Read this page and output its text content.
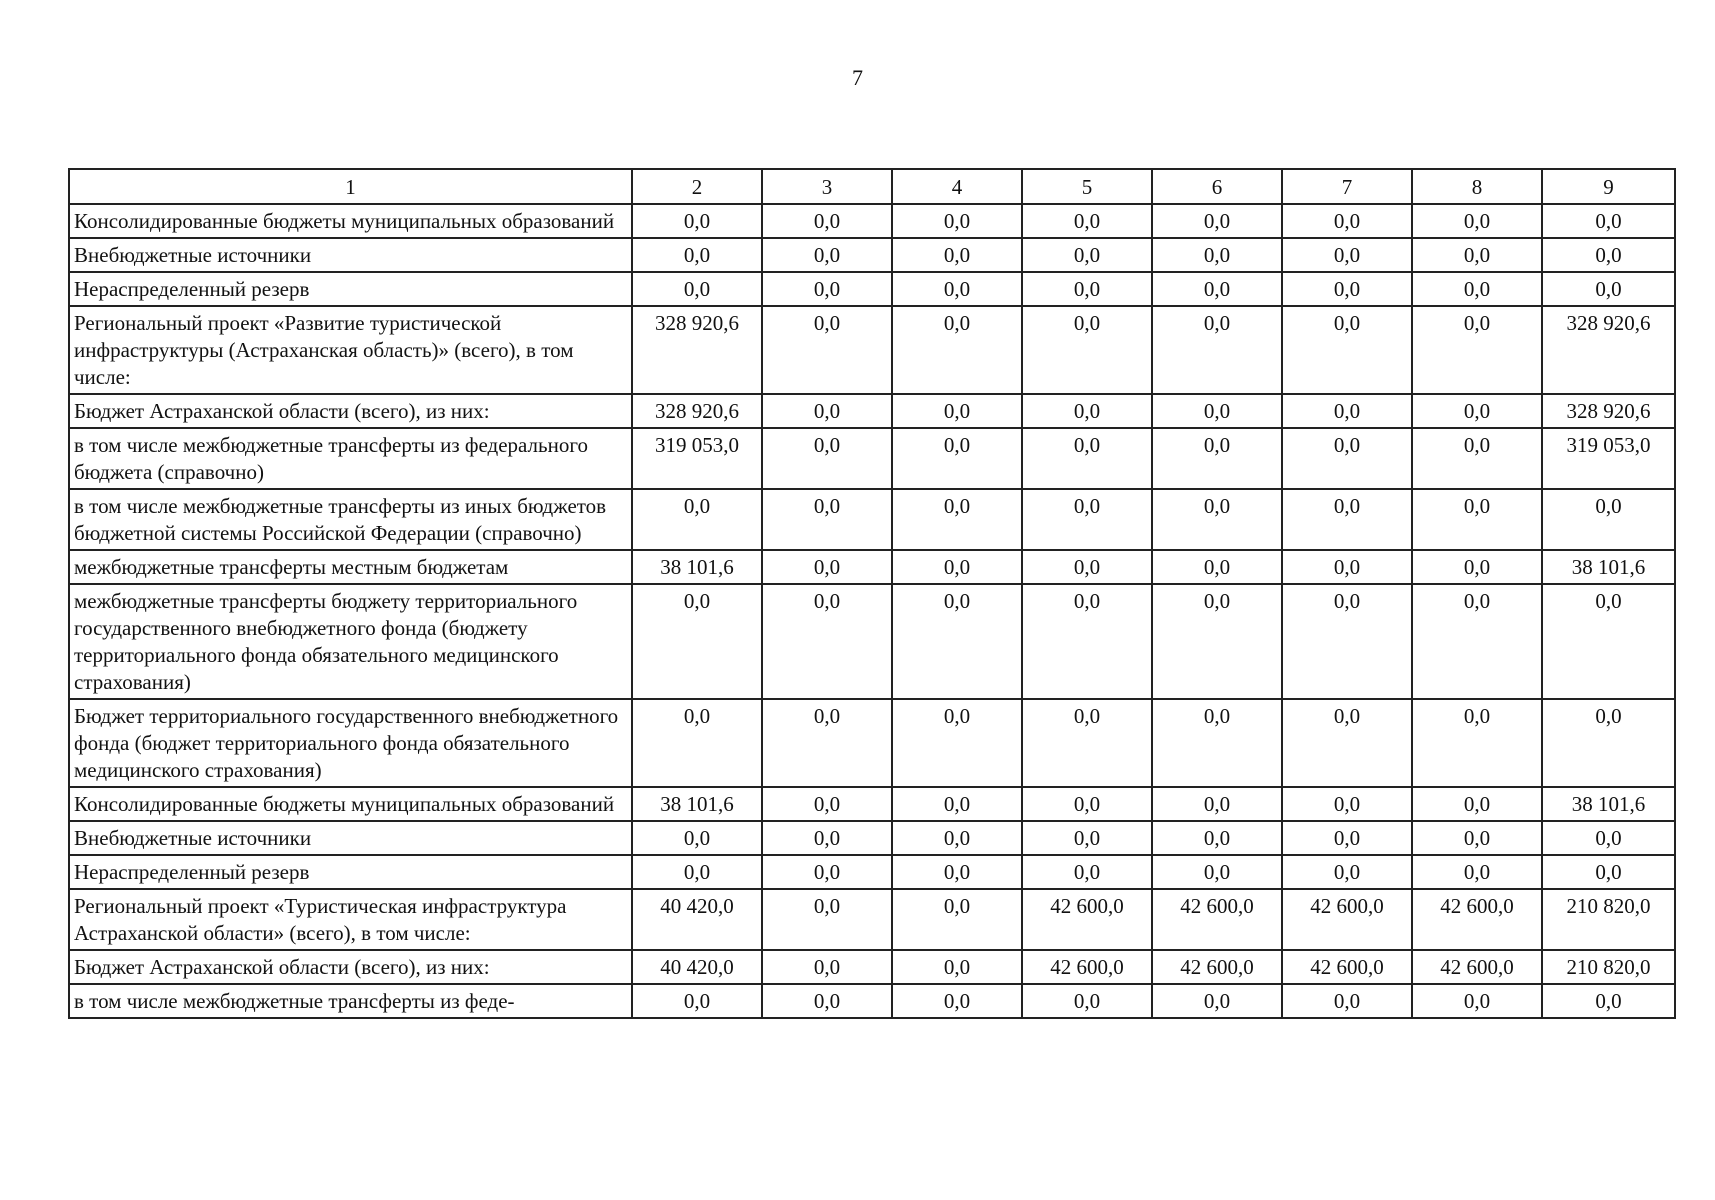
7
1	2	3	4	5	6	7	8	9
Консолидированные бюджеты муниципальных образований	0,0	0,0	0,0	0,0	0,0	0,0	0,0	0,0
Внебюджетные источники	0,0	0,0	0,0	0,0	0,0	0,0	0,0	0,0
Нераспределенный резерв	0,0	0,0	0,0	0,0	0,0	0,0	0,0	0,0
Региональный проект «Развитие туристической инфраструктуры (Астраханская область)» (всего), в том числе:	328 920,6	0,0	0,0	0,0	0,0	0,0	0,0	328 920,6
Бюджет Астраханской области (всего), из них:	328 920,6	0,0	0,0	0,0	0,0	0,0	0,0	328 920,6
в том числе межбюджетные трансферты из федерального бюджета (справочно)	319 053,0	0,0	0,0	0,0	0,0	0,0	0,0	319 053,0
в том числе межбюджетные трансферты из иных бюджетов бюджетной системы Российской Федерации (справочно)	0,0	0,0	0,0	0,0	0,0	0,0	0,0	0,0
межбюджетные трансферты местным бюджетам	38 101,6	0,0	0,0	0,0	0,0	0,0	0,0	38 101,6
межбюджетные трансферты бюджету территориального государственного внебюджетного фонда (бюджету территориального фонда обязательного медицинского страхования)	0,0	0,0	0,0	0,0	0,0	0,0	0,0	0,0
Бюджет территориального государственного внебюджетного фонда (бюджет территориального фонда обязательного медицинского страхования)	0,0	0,0	0,0	0,0	0,0	0,0	0,0	0,0
Консолидированные бюджеты муниципальных образований	38 101,6	0,0	0,0	0,0	0,0	0,0	0,0	38 101,6
Внебюджетные источники	0,0	0,0	0,0	0,0	0,0	0,0	0,0	0,0
Нераспределенный резерв	0,0	0,0	0,0	0,0	0,0	0,0	0,0	0,0
Региональный проект «Туристическая инфраструктура Астраханской области» (всего), в том числе:	40 420,0	0,0	0,0	42 600,0	42 600,0	42 600,0	42 600,0	210 820,0
Бюджет Астраханской области (всего), из них:	40 420,0	0,0	0,0	42 600,0	42 600,0	42 600,0	42 600,0	210 820,0
в том числе межбюджетные трансферты из феде-	0,0	0,0	0,0	0,0	0,0	0,0	0,0	0,0
